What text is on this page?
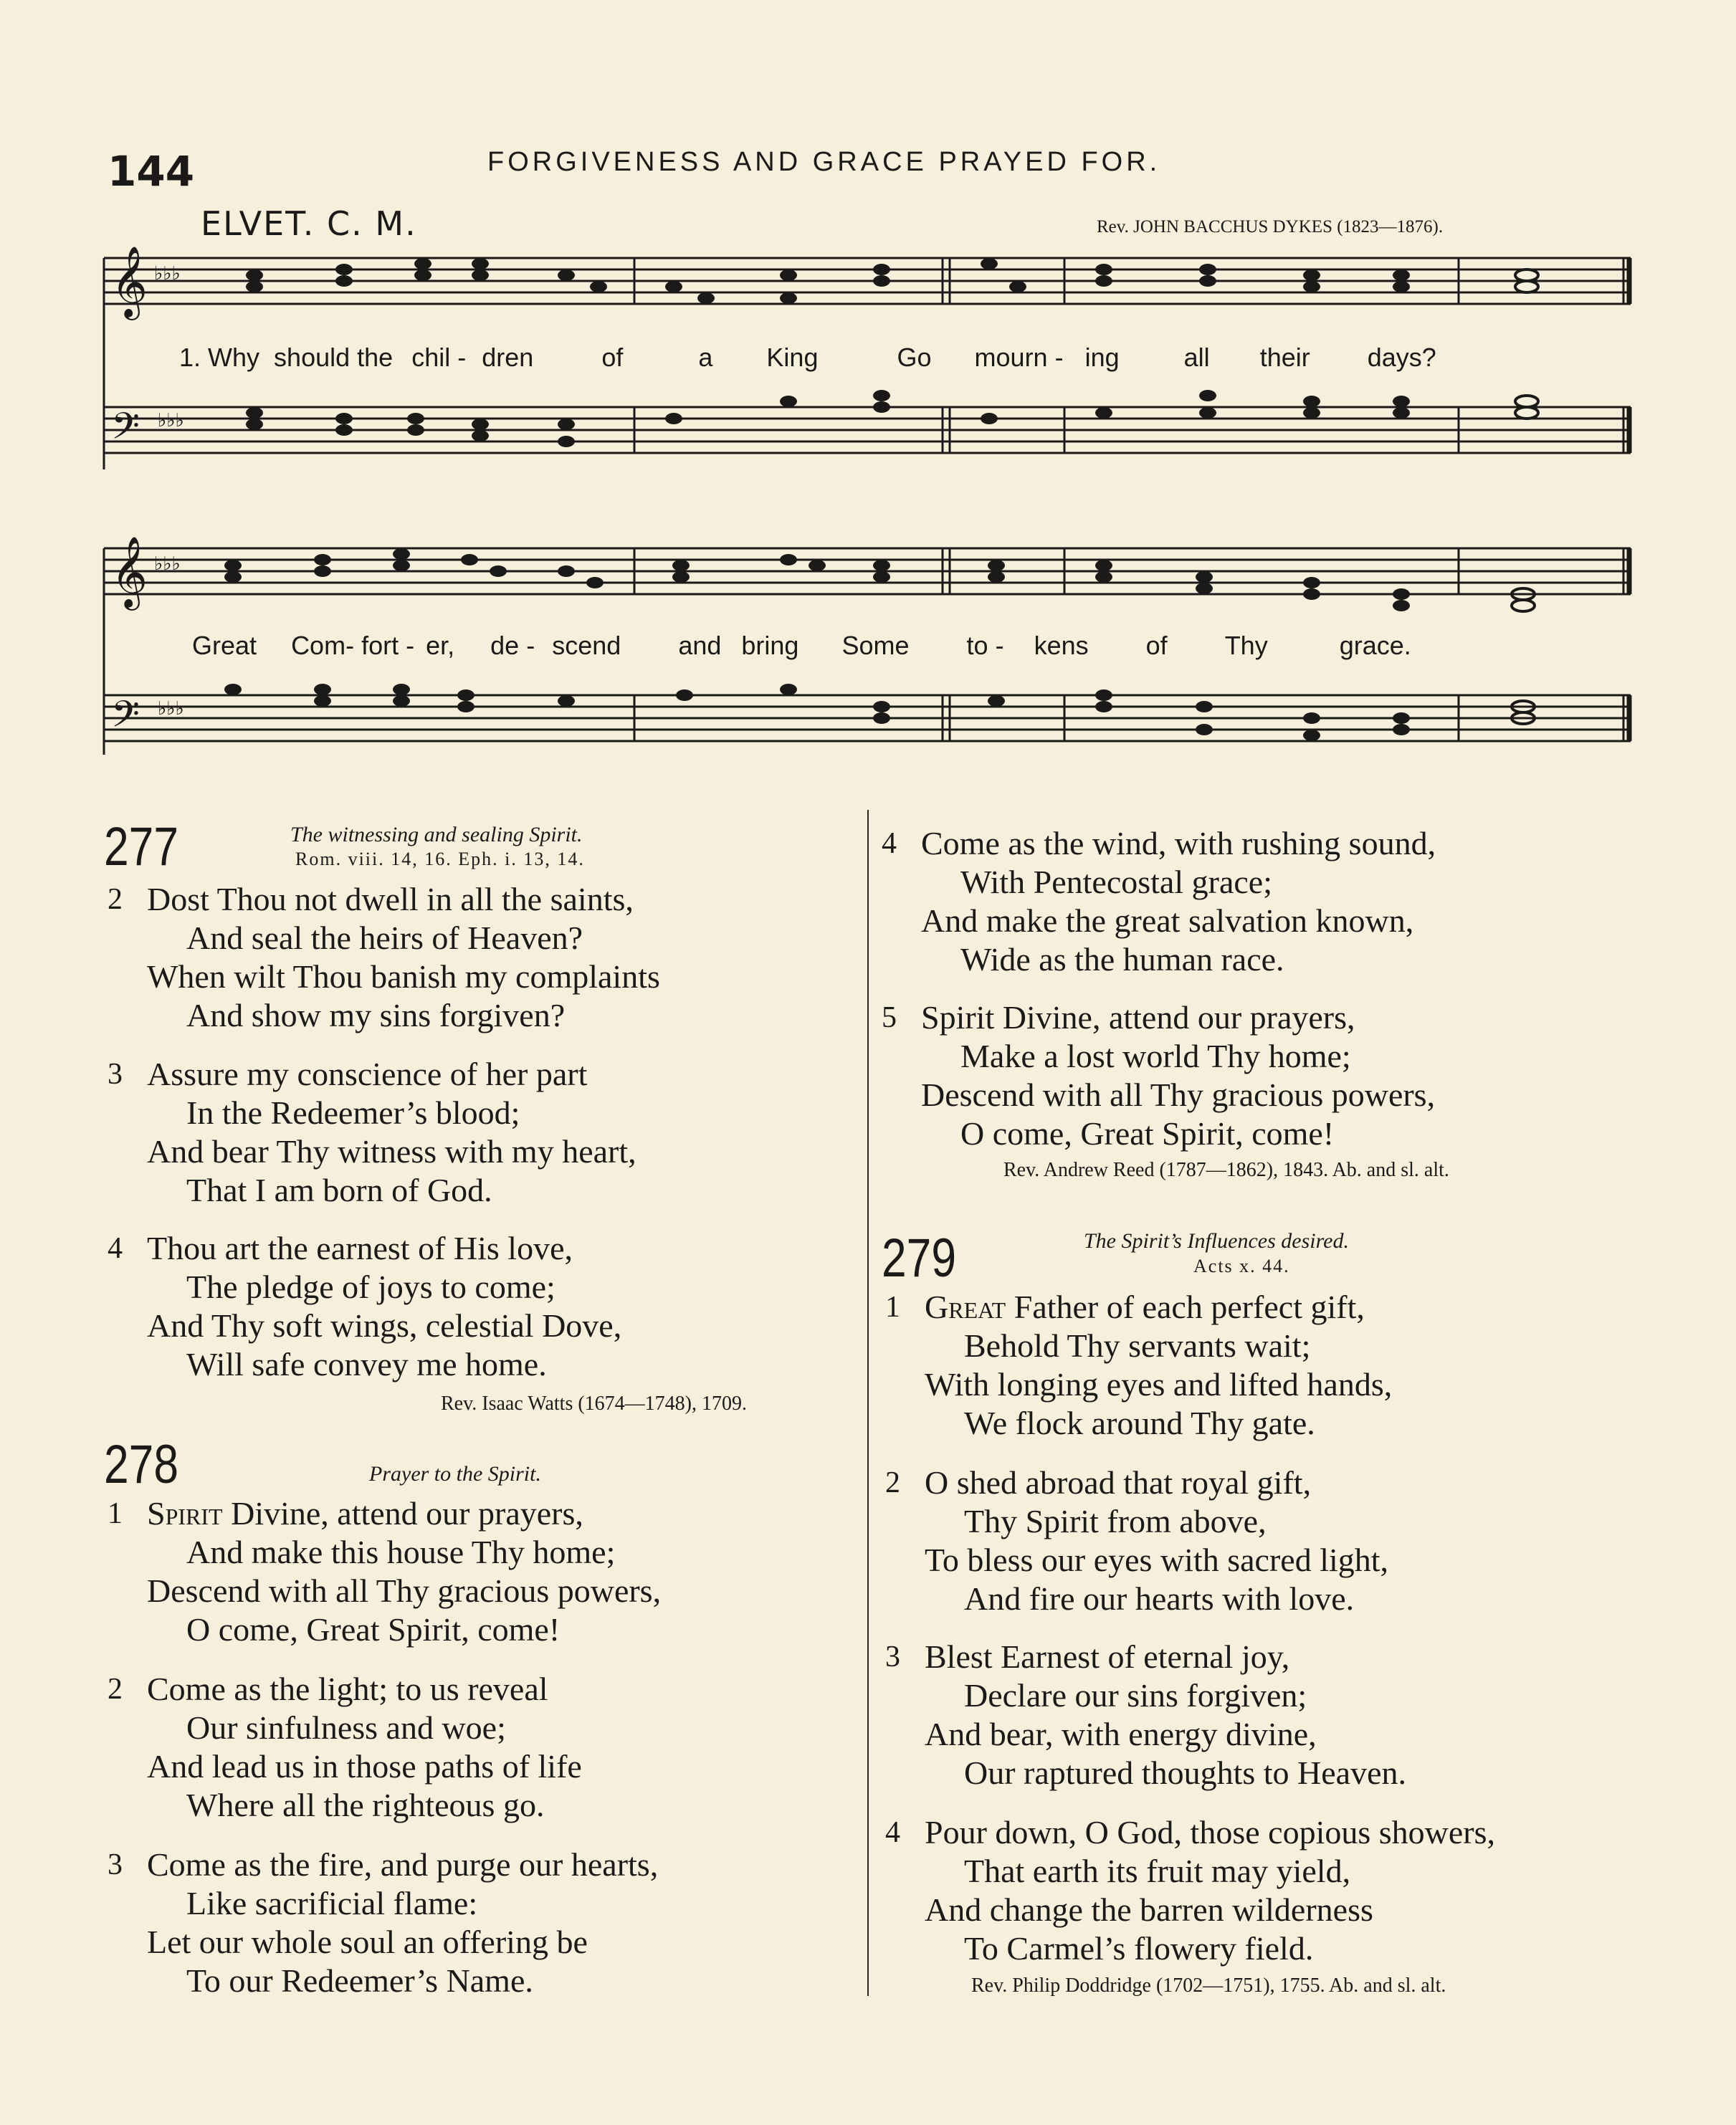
144	FORGIVENESS AND GRACE PRAYED FOR.
ELVET. C. M.	Rev. JOHN BACCHUS DYKES (1823—1876).
𝄞
𝄢
♭♭♭
♭♭♭
1. Why should the chil - dren	of	a King	Go mourn - ing	all their days?
𝄞
𝄢
♭♭♭
♭♭♭
Great Com- fort - er, de - scend and bring Some to - kens of Thy	grace.
277	The witnessing and sealing Spirit.
Rom. viii. 14, 16. Eph. i. 13, 14.
2 Dost Thou not dwell in all the saints,
And seal the heirs of Heaven?
When wilt Thou banish my complaints
And show my sins forgiven?
3 Assure my conscience of her part
In the Redeemer’s blood;
And bear Thy witness with my heart,
That I am born of God.
4 Thou art the earnest of His love,
The pledge of joys to come;
And Thy soft wings, celestial Dove,
Will safe convey me home.
Rev. Isaac Watts (1674—1748), 1709.
278	Prayer to the Spirit.
1 Spirit Divine, attend our prayers,
And make this house Thy home;
Descend with all Thy gracious powers,
O come, Great Spirit, come!
2 Come as the light; to us reveal
Our sinfulness and woe;
And lead us in those paths of life
Where all the righteous go.
3 Come as the fire, and purge our hearts,
Like sacrificial flame:
Let our whole soul an offering be
To our Redeemer’s Name.
4 Come as the wind, with rushing sound,
With Pentecostal grace;
And make the great salvation known,
Wide as the human race.
5 Spirit Divine, attend our prayers,
Make a lost world Thy home;
Descend with all Thy gracious powers,
O come, Great Spirit, come!
Rev. Andrew Reed (1787—1862), 1843. Ab. and sl. alt.
279	The Spirit’s Influences desired.
Acts x. 44.
1 Great Father of each perfect gift,
Behold Thy servants wait;
With longing eyes and lifted hands,
We flock around Thy gate.
2 O shed abroad that royal gift,
Thy Spirit from above,
To bless our eyes with sacred light,
And fire our hearts with love.
3 Blest Earnest of eternal joy,
Declare our sins forgiven;
And bear, with energy divine,
Our raptured thoughts to Heaven.
4 Pour down, O God, those copious showers,
That earth its fruit may yield,
And change the barren wilderness
To Carmel’s flowery field.
Rev. Philip Doddridge (1702—1751), 1755. Ab. and sl. alt.
